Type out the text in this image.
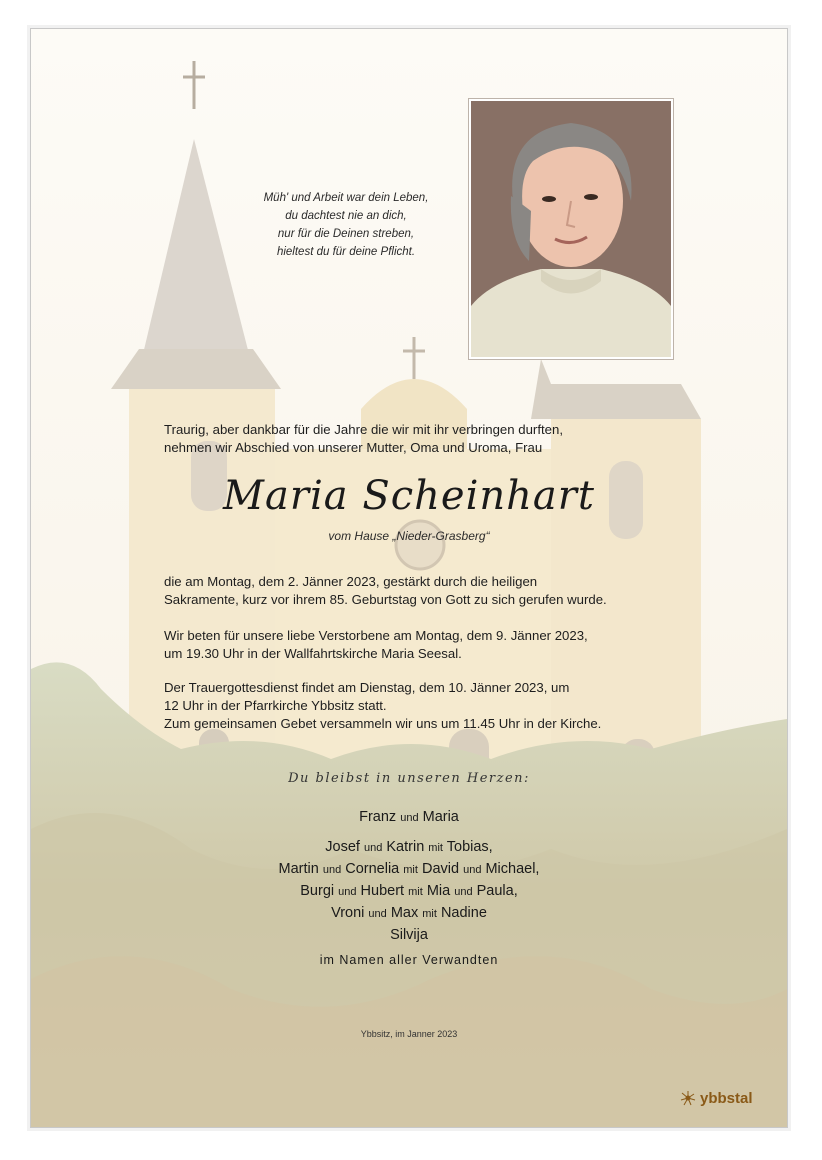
Müh' und Arbeit war dein Leben,
du dachtest nie an dich,
nur für die Deinen streben,
hieltest du für deine Pflicht.
Traurig, aber dankbar für die Jahre die wir mit ihr verbringen durften,
nehmen wir Abschied von unserer Mutter, Oma und Uroma, Frau
Maria Scheinhart
vom Hause „Nieder-Grasberg“
die am Montag, dem 2. Jänner 2023, gestärkt durch die heiligen
Sakramente, kurz vor ihrem 85. Geburtstag von Gott zu sich gerufen wurde.
Wir beten für unsere liebe Verstorbene am Montag, dem 9. Jänner 2023,
um 19.30 Uhr in der Wallfahrtskirche Maria Seesal.
Der Trauergottesdienst findet am Dienstag, dem 10. Jänner 2023, um
12 Uhr in der Pfarrkirche Ybbsitz statt.
Zum gemeinsamen Gebet versammeln wir uns um 11.45 Uhr in der Kirche.
Du bleibst in unseren Herzen:
Franz und Maria
Josef und Katrin mit Tobias,
Martin und Cornelia mit David und Michael,
Burgi und Hubert mit Mia und Paula,
Vroni und Max mit Nadine
Silvija
im Namen aller Verwandten
Ybbsitz, im Janner 2023
ybbstal
